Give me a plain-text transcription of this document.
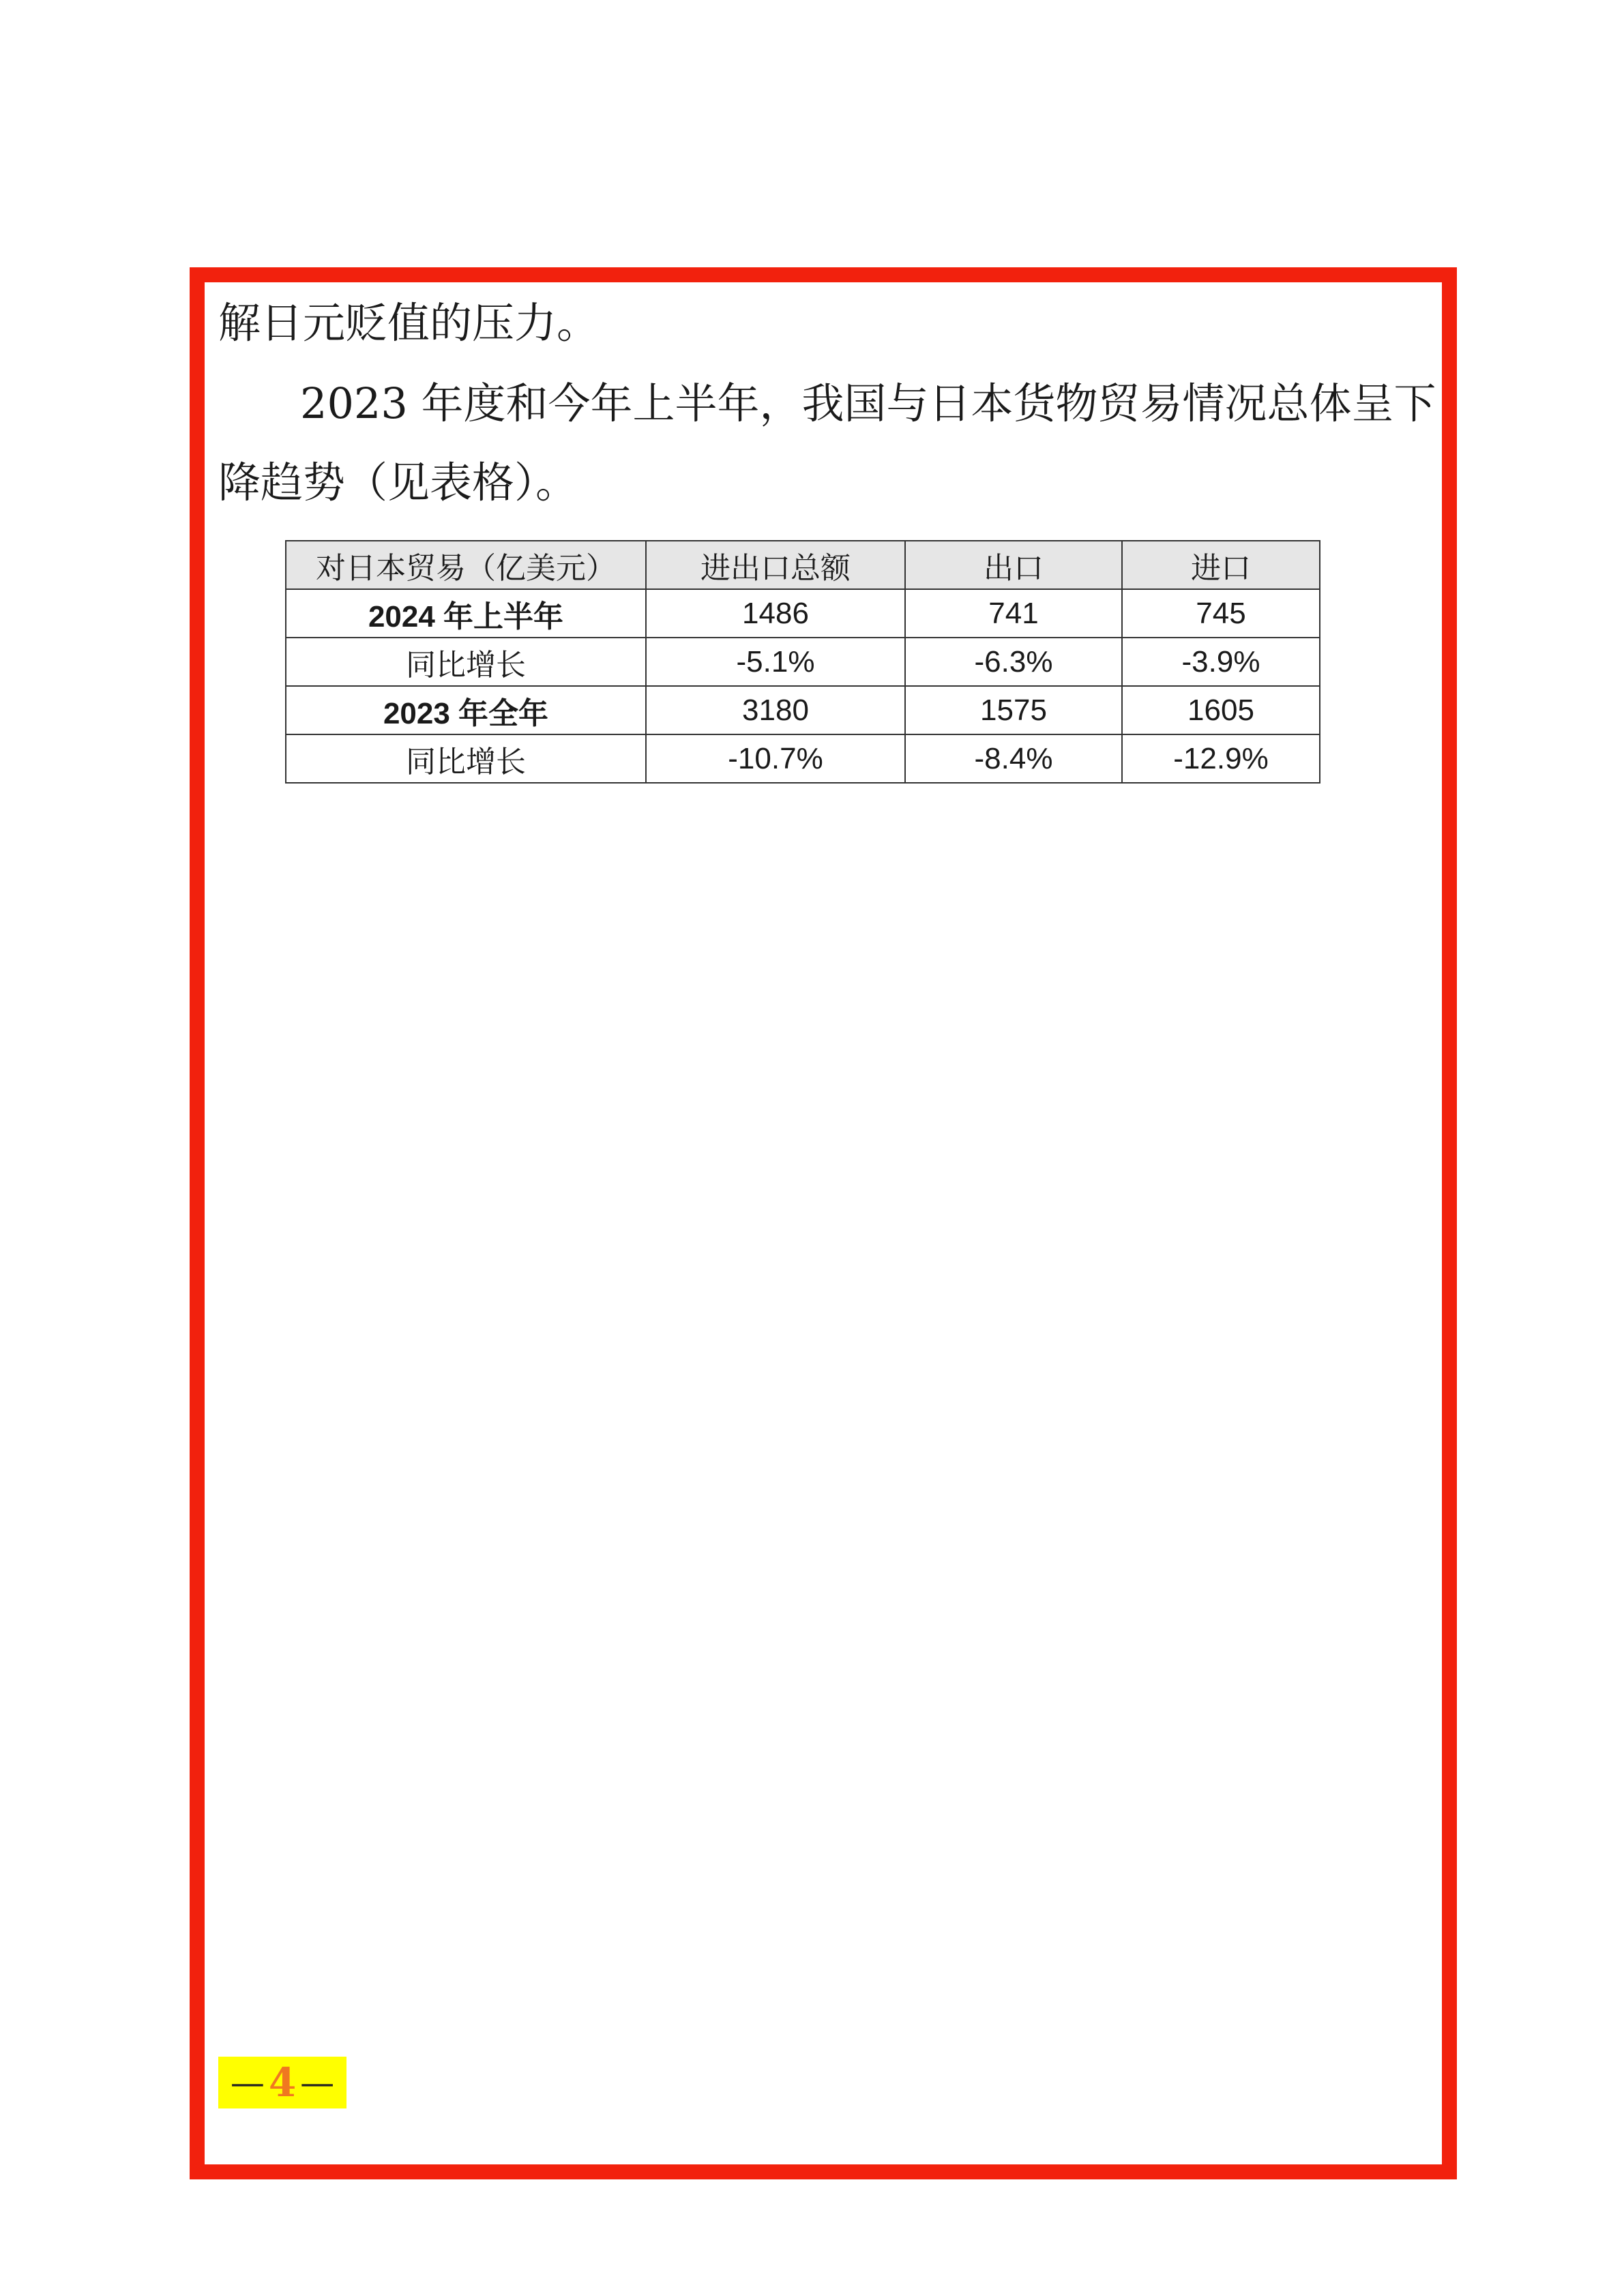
解日元贬值的压力。

2023 年度和今年上半年，我国与日本货物贸易情况总体呈下

降趋势（见表格）。

对日本贸易（亿美元）	进出口总额	出口	进口
2024 年上半年	1486	741	745
同比增长	-5.1%	-6.3%	-3.9%
2023 年全年	3180	1575	1605
同比增长	-10.7%	-8.4%	-12.9%
— 4 —
